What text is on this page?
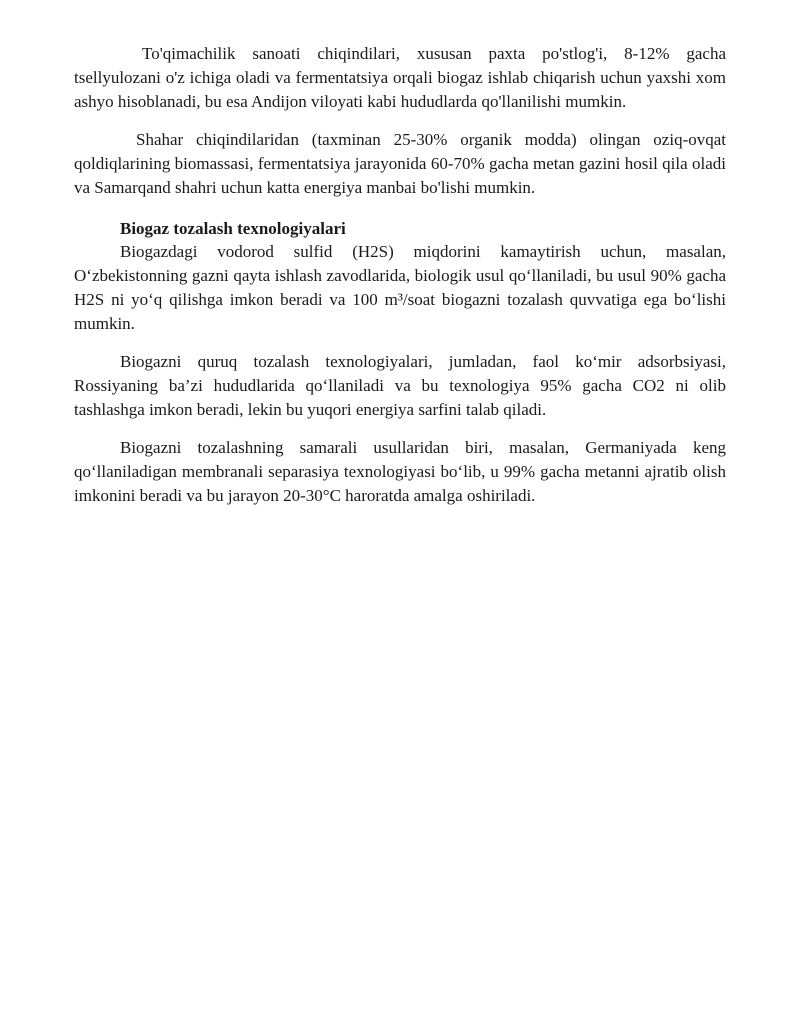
To'qimachilik sanoati chiqindilari, xususan paxta po'stlog'i, 8-12% gacha tsellyulozani o'z ichiga oladi va fermentatsiya orqali biogaz ishlab chiqarish uchun yaxshi xom ashyo hisoblanadi, bu esa Andijon viloyati kabi hududlarda qo'llanilishi mumkin.

Shahar chiqindilaridan (taxminan 25-30% organik modda) olingan oziq-ovqat qoldiqlarining biomassasi, fermentatsiya jarayonida 60-70% gacha metan gazini hosil qila oladi va Samarqand shahri uchun katta energiya manbai bo'lishi mumkin.

Biogaz tozalash texnologiyalari

Biogazdagi vodorod sulfid (H2S) miqdorini kamaytirish uchun, masalan, O‘zbekistonning gazni qayta ishlash zavodlarida, biologik usul qo‘llaniladi, bu usul 90% gacha H2S ni yo‘q qilishga imkon beradi va 100 m³/soat biogazni tozalash quvvatiga ega bo‘lishi mumkin.

Biogazni quruq tozalash texnologiyalari, jumladan, faol ko‘mir adsorbsiyasi, Rossiyaning ba’zi hududlarida qo‘llaniladi va bu texnologiya 95% gacha CO2 ni olib tashlashga imkon beradi, lekin bu yuqori energiya sarfini talab qiladi.

Biogazni tozalashning samarali usullaridan biri, masalan, Germaniyada keng qo‘llaniladigan membranali separasiya texnologiyasi bo‘lib, u 99% gacha metanni ajratib olish imkonini beradi va bu jarayon 20-30°C haroratda amalga oshiriladi.
